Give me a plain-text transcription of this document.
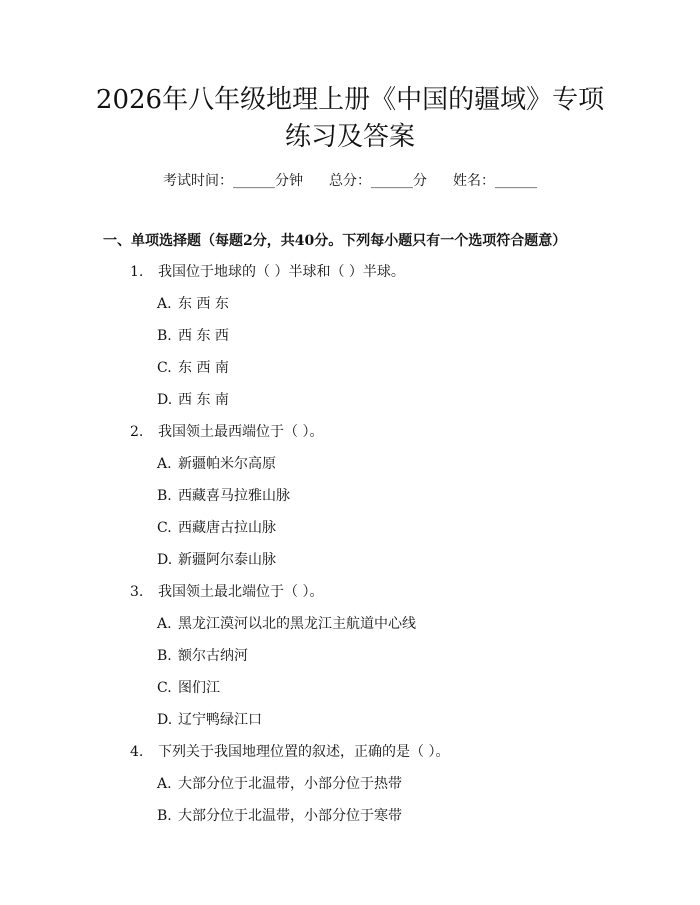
2026年八年级地理上册《中国的疆域》专项
练习及答案
考试时间：______分钟 总分：______分 姓名：______
一、单项选择题（每题2分，共40分。下列每小题只有一个选项符合题意）
1. 我国位于地球的（ ）半球和（ ）半球。
A. 东 西 东
B. 西 东 西
C. 东 西 南
D. 西 东 南
2. 我国领土最西端位于（ ）。
A. 新疆帕米尔高原
B. 西藏喜马拉雅山脉
C. 西藏唐古拉山脉
D. 新疆阿尔泰山脉
3. 我国领土最北端位于（ ）。
A. 黑龙江漠河以北的黑龙江主航道中心线
B. 额尔古纳河
C. 图们江
D. 辽宁鸭绿江口
4. 下列关于我国地理位置的叙述，正确的是（ ）。
A. 大部分位于北温带，小部分位于热带
B. 大部分位于北温带，小部分位于寒带
